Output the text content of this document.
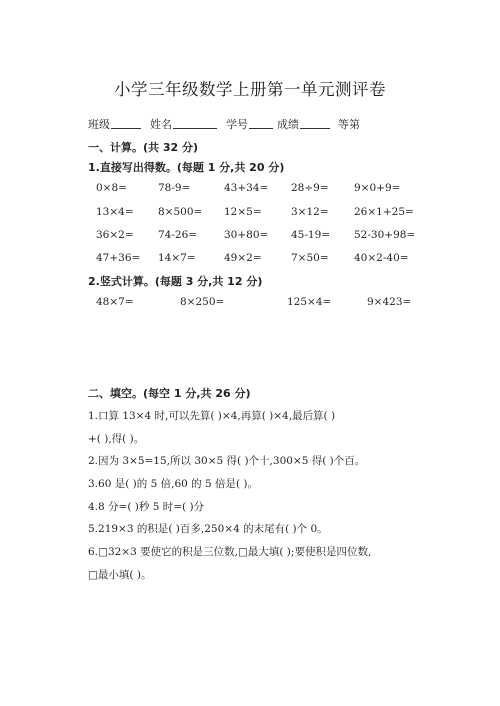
小学三年级数学上册第一单元测评卷
班级	姓名	学号	成绩	等第
一、计算。(共 32 分)
1.直接写出得数。(每题 1 分,共 20 分)
0×8=	78-9=	43+34= 28÷9= 9×0+9=
13×4= 8×500= 12×5=	3×12= 26×1+25=
36×2= 74-26=	30+80= 45-19= 52-30+98=
47+36= 14×7=	49×2=	7×50= 40×2-40=
2.竖式计算。(每题 3 分,共 12 分)
48×7=	8×250=	125×4=	9×423=
二、填空。(每空 1 分,共 26 分)
1.口算 13×4 时,可以先算( )×4,再算( )×4,最后算( )
+( ),得( )。
2.因为 3×5=15,所以 30×5 得( )个十,300×5 得( )个百。
3.60 是( )的 5 倍,60 的 5 倍是( )。
4.8 分=( )秒 5 时=( )分
5.219×3 的积是( )百多,250×4 的末尾有( )个 0。
6.□32×3 要使它的积是三位数,□最大填( );要使积是四位数,
□最小填( )。
